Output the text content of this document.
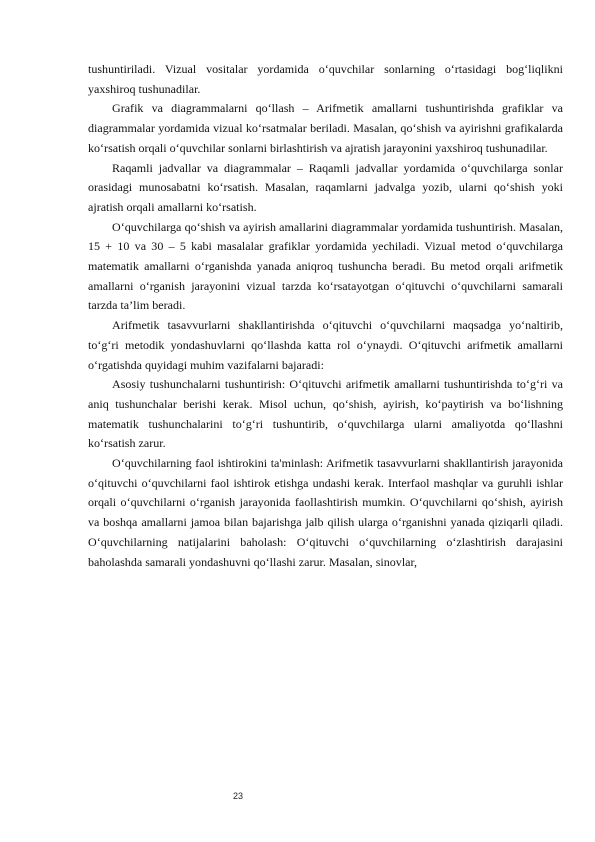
tushuntiriladi. Vizual vositalar yordamida o‘quvchilar sonlarning o‘rtasidagi bog‘liqlikni yaxshiroq tushunadilar.

Grafik va diagrammalarni qo‘llash – Arifmetik amallarni tushuntirishda grafiklar va diagrammalar yordamida vizual ko‘rsatmalar beriladi. Masalan, qo‘shish va ayirishni grafikalarda ko‘rsatish orqali o‘quvchilar sonlarni birlashtirish va ajratish jarayonini yaxshiroq tushunadilar.

Raqamli jadvallar va diagrammalar – Raqamli jadvallar yordamida o‘quvchilarga sonlar orasidagi munosabatni ko‘rsatish. Masalan, raqamlarni jadvalga yozib, ularni qo‘shish yoki ajratish orqali amallarni ko‘rsatish.

O‘quvchilarga qo‘shish va ayirish amallarini diagrammalar yordamida tushuntirish. Masalan, 15 + 10 va 30 – 5 kabi masalalar grafiklar yordamida yechiladi. Vizual metod o‘quvchilarga matematik amallarni o‘rganishda yanada aniqroq tushuncha beradi. Bu metod orqali arifmetik amallarni o‘rganish jarayonini vizual tarzda ko‘rsatayotgan o‘qituvchi o‘quvchilarni samarali tarzda ta’lim beradi.

Arifmetik tasavvurlarni shakllantirishda o‘qituvchi o‘quvchilarni maqsadga yo‘naltirib, to‘g‘ri metodik yondashuvlarni qo‘llashda katta rol o‘ynaydi. O‘qituvchi arifmetik amallarni o‘rgatishda quyidagi muhim vazifalarni bajaradi:

Asosiy tushunchalarni tushuntirish: O‘qituvchi arifmetik amallarni tushuntirishda to‘g‘ri va aniq tushunchalar berishi kerak. Misol uchun, qo‘shish, ayirish, ko‘paytirish va bo‘lishning matematik tushunchalarini to‘g‘ri tushuntirib, o‘quvchilarga ularni amaliyotda qo‘llashni ko‘rsatish zarur.

O‘quvchilarning faol ishtirokini ta'minlash: Arifmetik tasavvurlarni shakllantirish jarayonida o‘qituvchi o‘quvchilarni faol ishtirok etishga undashi kerak. Interfaol mashqlar va guruhli ishlar orqali o‘quvchilarni o‘rganish jarayonida faollashtirish mumkin. O‘quvchilarni qo‘shish, ayirish va boshqa amallarni jamoa bilan bajarishga jalb qilish ularga o‘rganishni yanada qiziqarli qiladi. O‘quvchilarning natijalarini baholash: O‘qituvchi o‘quvchilarning o‘zlashtirish darajasini baholashda samarali yondashuvni qo‘llashi zarur. Masalan, sinovlar,

23
